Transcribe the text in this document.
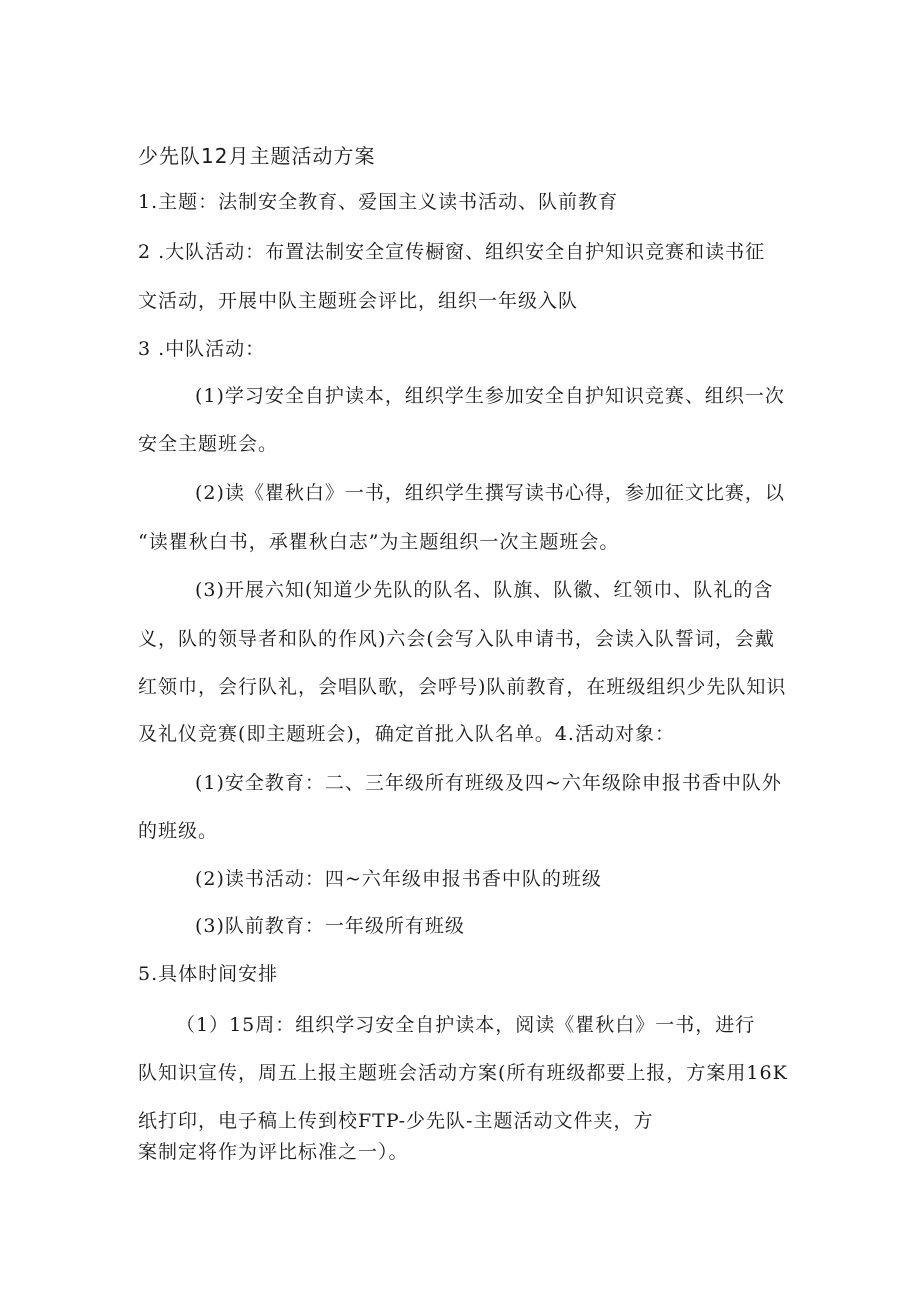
少先队12月主题活动方案
1.主题：法制安全教育、爱国主义读书活动、队前教育
2 .大队活动：布置法制安全宣传橱窗、组织安全自护知识竞赛和读书征
文活动，开展中队主题班会评比，组织一年级入队
3 .中队活动：
(1)学习安全自护读本，组织学生参加安全自护知识竞赛、组织一次
安全主题班会。
(2)读《瞿秋白》一书，组织学生撰写读书心得，参加征文比赛，以
“读瞿秋白书，承瞿秋白志”为主题组织一次主题班会。
(3)开展六知(知道少先队的队名、队旗、队徽、红领巾、队礼的含
义，队的领导者和队的作风)六会(会写入队申请书，会读入队誓词，会戴
红领巾，会行队礼，会唱队歌，会呼号)队前教育，在班级组织少先队知识
及礼仪竞赛(即主题班会)，确定首批入队名单。4.活动对象：
(1)安全教育：二、三年级所有班级及四~六年级除申报书香中队外
的班级。
(2)读书活动：四~六年级申报书香中队的班级
(3)队前教育：一年级所有班级
5.具体时间安排
（1）15周：组织学习安全自护读本，阅读《瞿秋白》一书，进行
队知识宣传，周五上报主题班会活动方案(所有班级都要上报，方案用16K
纸打印，电子稿上传到校FTP-少先队-主题活动文件夹，方
案制定将作为评比标准之一）。
